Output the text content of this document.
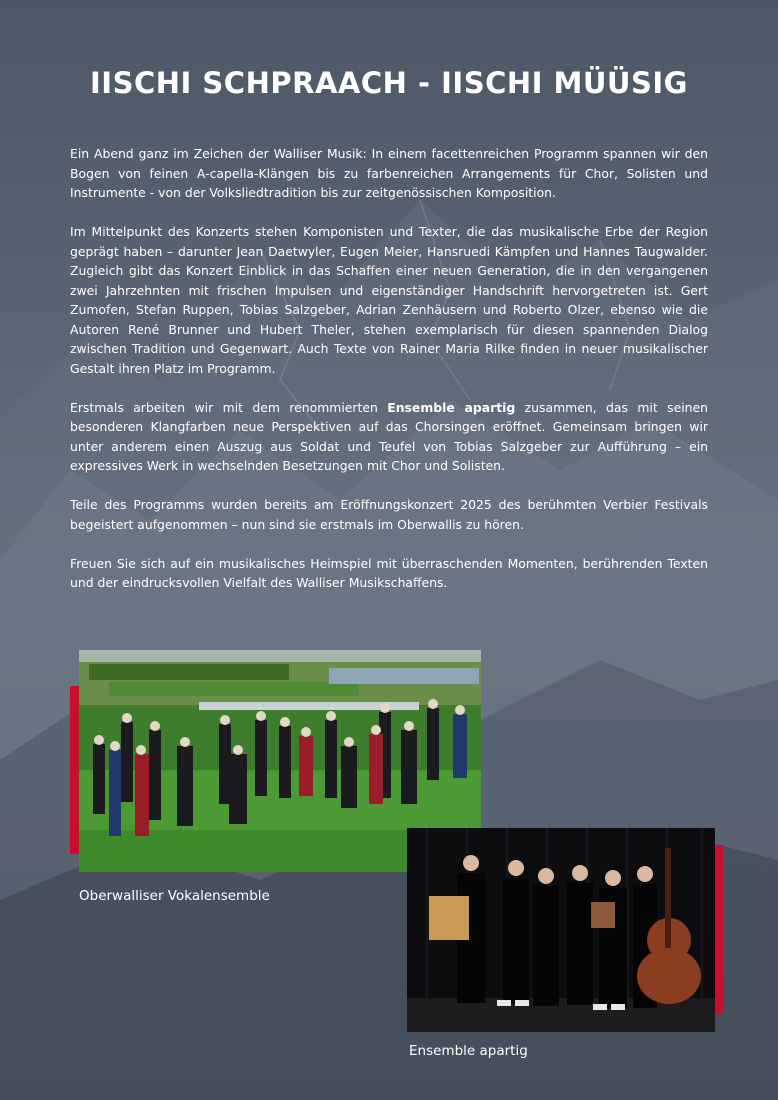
IISCHI SCHPRAACH - IISCHI MÜÜSIG

Ein Abend ganz im Zeichen der Walliser Musik: In einem facettenreichen Programm spannen wir den Bogen von feinen A-capella-Klängen bis zu farbenreichen Arrangements für Chor, Solisten und Instrumente - von der Volksliedtradition bis zur zeitgenössischen Komposition.

Im Mittelpunkt des Konzerts stehen Komponisten und Texter, die das musikalische Erbe der Region geprägt haben – darunter Jean Daetwyler, Eugen Meier, Hansruedi Kämpfen und Hannes Taugwalder. Zugleich gibt das Konzert Einblick in das Schaffen einer neuen Generation, die in den vergangenen zwei Jahrzehnten mit frischen Impulsen und eigenständiger Handschrift hervorgetreten ist. Gert Zumofen, Stefan Ruppen, Tobias Salzgeber, Adrian Zenhäusern und Roberto Olzer, ebenso wie die Autoren René Brunner und Hubert Theler, stehen exemplarisch für diesen spannenden Dialog zwischen Tradition und Gegenwart. Auch Texte von Rainer Maria Rilke finden in neuer musikalischer Gestalt ihren Platz im Programm.

Erstmals arbeiten wir mit dem renommierten Ensemble apartig zusammen, das mit seinen besonderen Klangfarben neue Perspektiven auf das Chorsingen eröffnet. Gemeinsam bringen wir unter anderem einen Auszug aus Soldat und Teufel von Tobias Salzgeber zur Aufführung – ein expressives Werk in wechselnden Besetzungen mit Chor und Solisten.

Teile des Programms wurden bereits am Eröffnungskonzert 2025 des berühmten Verbier Festivals begeistert aufgenommen – nun sind sie erstmals im Oberwallis zu hören.

Freuen Sie sich auf ein musikalisches Heimspiel mit überraschenden Momenten, berührenden Texten und der eindrucksvollen Vielfalt des Walliser Musikschaffens.

Oberwalliser Vokalensemble
Ensemble apartig
